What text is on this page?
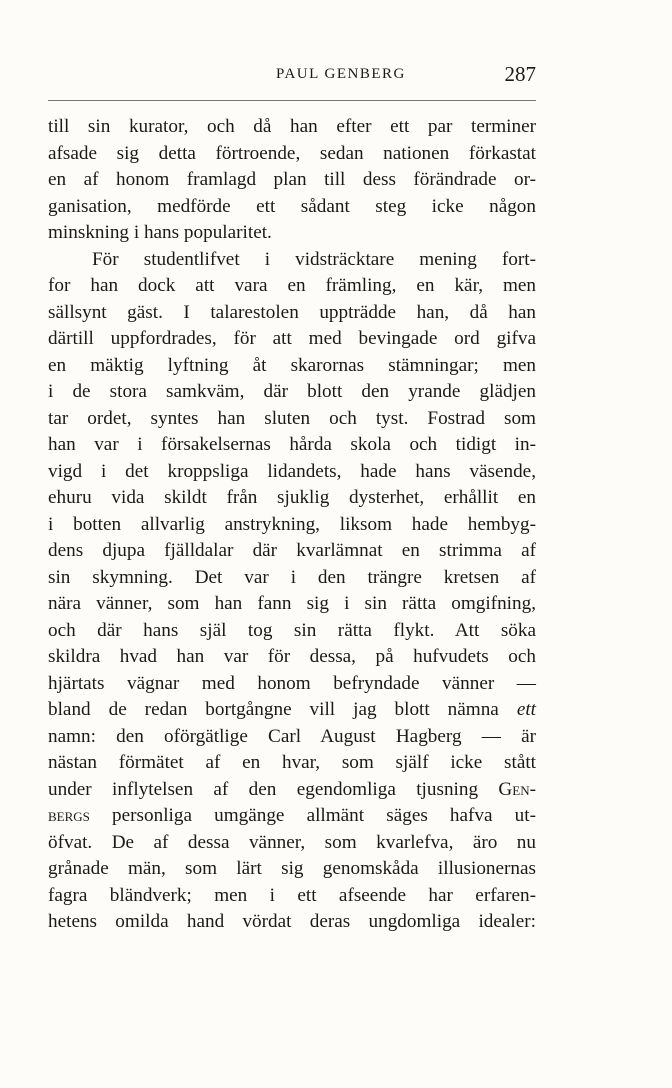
PAUL GENBERG	287
till sin kurator, och då han efter ett par terminer
afsade sig detta förtroende, sedan nationen förkastat
en af honom framlagd plan till dess förändrade or-
ganisation, medförde ett sådant steg icke någon
minskning i hans popularitet.
För studentlifvet i vidsträcktare mening fort-
for han dock att vara en främling, en kär, men
sällsynt gäst. I talarestolen uppträdde han, då han
därtill uppfordrades, för att med bevingade ord gifva
en mäktig lyftning åt skarornas stämningar; men
i de stora samkväm, där blott den yrande glädjen
tar ordet, syntes han sluten och tyst. Fostrad som
han var i försakelsernas hårda skola och tidigt in-
vigd i det kroppsliga lidandets, hade hans väsende,
ehuru vida skildt från sjuklig dysterhet, erhållit en
i botten allvarlig anstrykning, liksom hade hembyg-
dens djupa fjälldalar där kvarlämnat en strimma af
sin skymning. Det var i den trängre kretsen af
nära vänner, som han fann sig i sin rätta omgifning,
och där hans själ tog sin rätta flykt. Att söka
skildra hvad han var för dessa, på hufvudets och
hjärtats vägnar med honom befryndade vänner —
bland de redan bortgångne vill jag blott nämna ett
namn: den oförgätlige Carl August Hagberg — är
nästan förmätet af en hvar, som själf icke stått
under inflytelsen af den egendomliga tjusning Gen-
bergs personliga umgänge allmänt säges hafva ut-
öfvat. De af dessa vänner, som kvarlefva, äro nu
grånade män, som lärt sig genomskåda illusionernas
fagra bländverk; men i ett afseende har erfaren-
hetens omilda hand vördat deras ungdomliga idealer:
